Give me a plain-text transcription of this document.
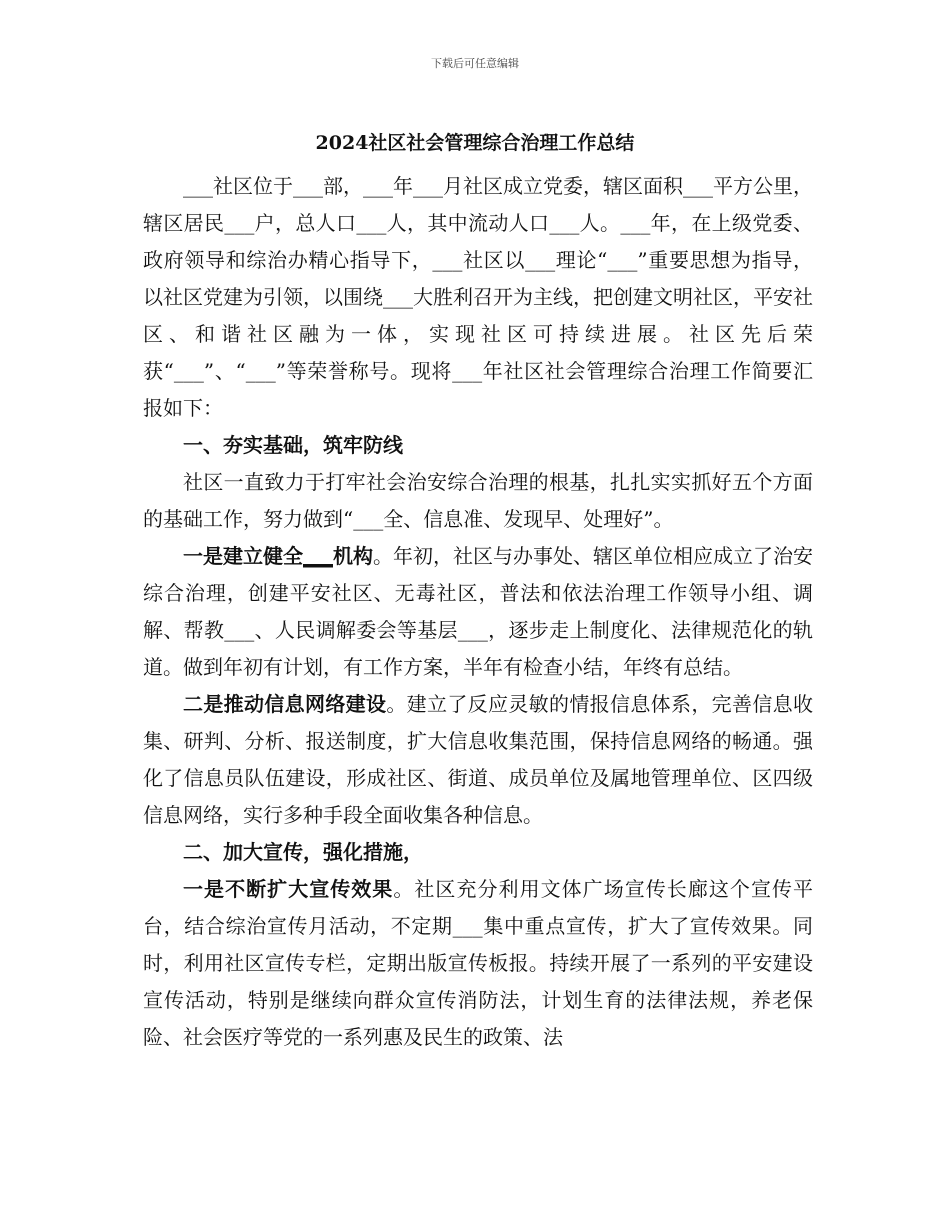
下载后可任意编辑
2024社区社会管理综合治理工作总结

___社区位于___部，___年___月社区成立党委，辖区面积___平方公里，辖区居民___户，总人口___人，其中流动人口___人。___年，在上级党委、政府领导和综治办精心指导下，___社区以___理论“___”重要思想为指导，以社区党建为引领，以围绕___大胜利召开为主线，把创建文明社区，平安社区、和谐社区融为一体，实现社区可持续进展。社区先后荣获“___”、“___”等荣誉称号。现将___年社区社会管理综合治理工作简要汇报如下：

一、夯实基础，筑牢防线

社区一直致力于打牢社会治安综合治理的根基，扎扎实实抓好五个方面的基础工作，努力做到“___全、信息准、发现早、处理好”。

一是建立健全___机构。年初，社区与办事处、辖区单位相应成立了治安综合治理，创建平安社区、无毒社区，普法和依法治理工作领导小组、调解、帮教___、人民调解委会等基层___，逐步走上制度化、法律规范化的轨道。做到年初有计划，有工作方案，半年有检查小结，年终有总结。

二是推动信息网络建设。建立了反应灵敏的情报信息体系，完善信息收集、研判、分析、报送制度，扩大信息收集范围，保持信息网络的畅通。强化了信息员队伍建设，形成社区、街道、成员单位及属地管理单位、区四级信息网络，实行多种手段全面收集各种信息。

二、加大宣传，强化措施，

一是不断扩大宣传效果。社区充分利用文体广场宣传长廊这个宣传平台，结合综治宣传月活动，不定期___集中重点宣传，扩大了宣传效果。同时，利用社区宣传专栏，定期出版宣传板报。持续开展了一系列的平安建设宣传活动，特别是继续向群众宣传消防法，计划生育的法律法规，养老保险、社会医疗等党的一系列惠及民生的政策、法
